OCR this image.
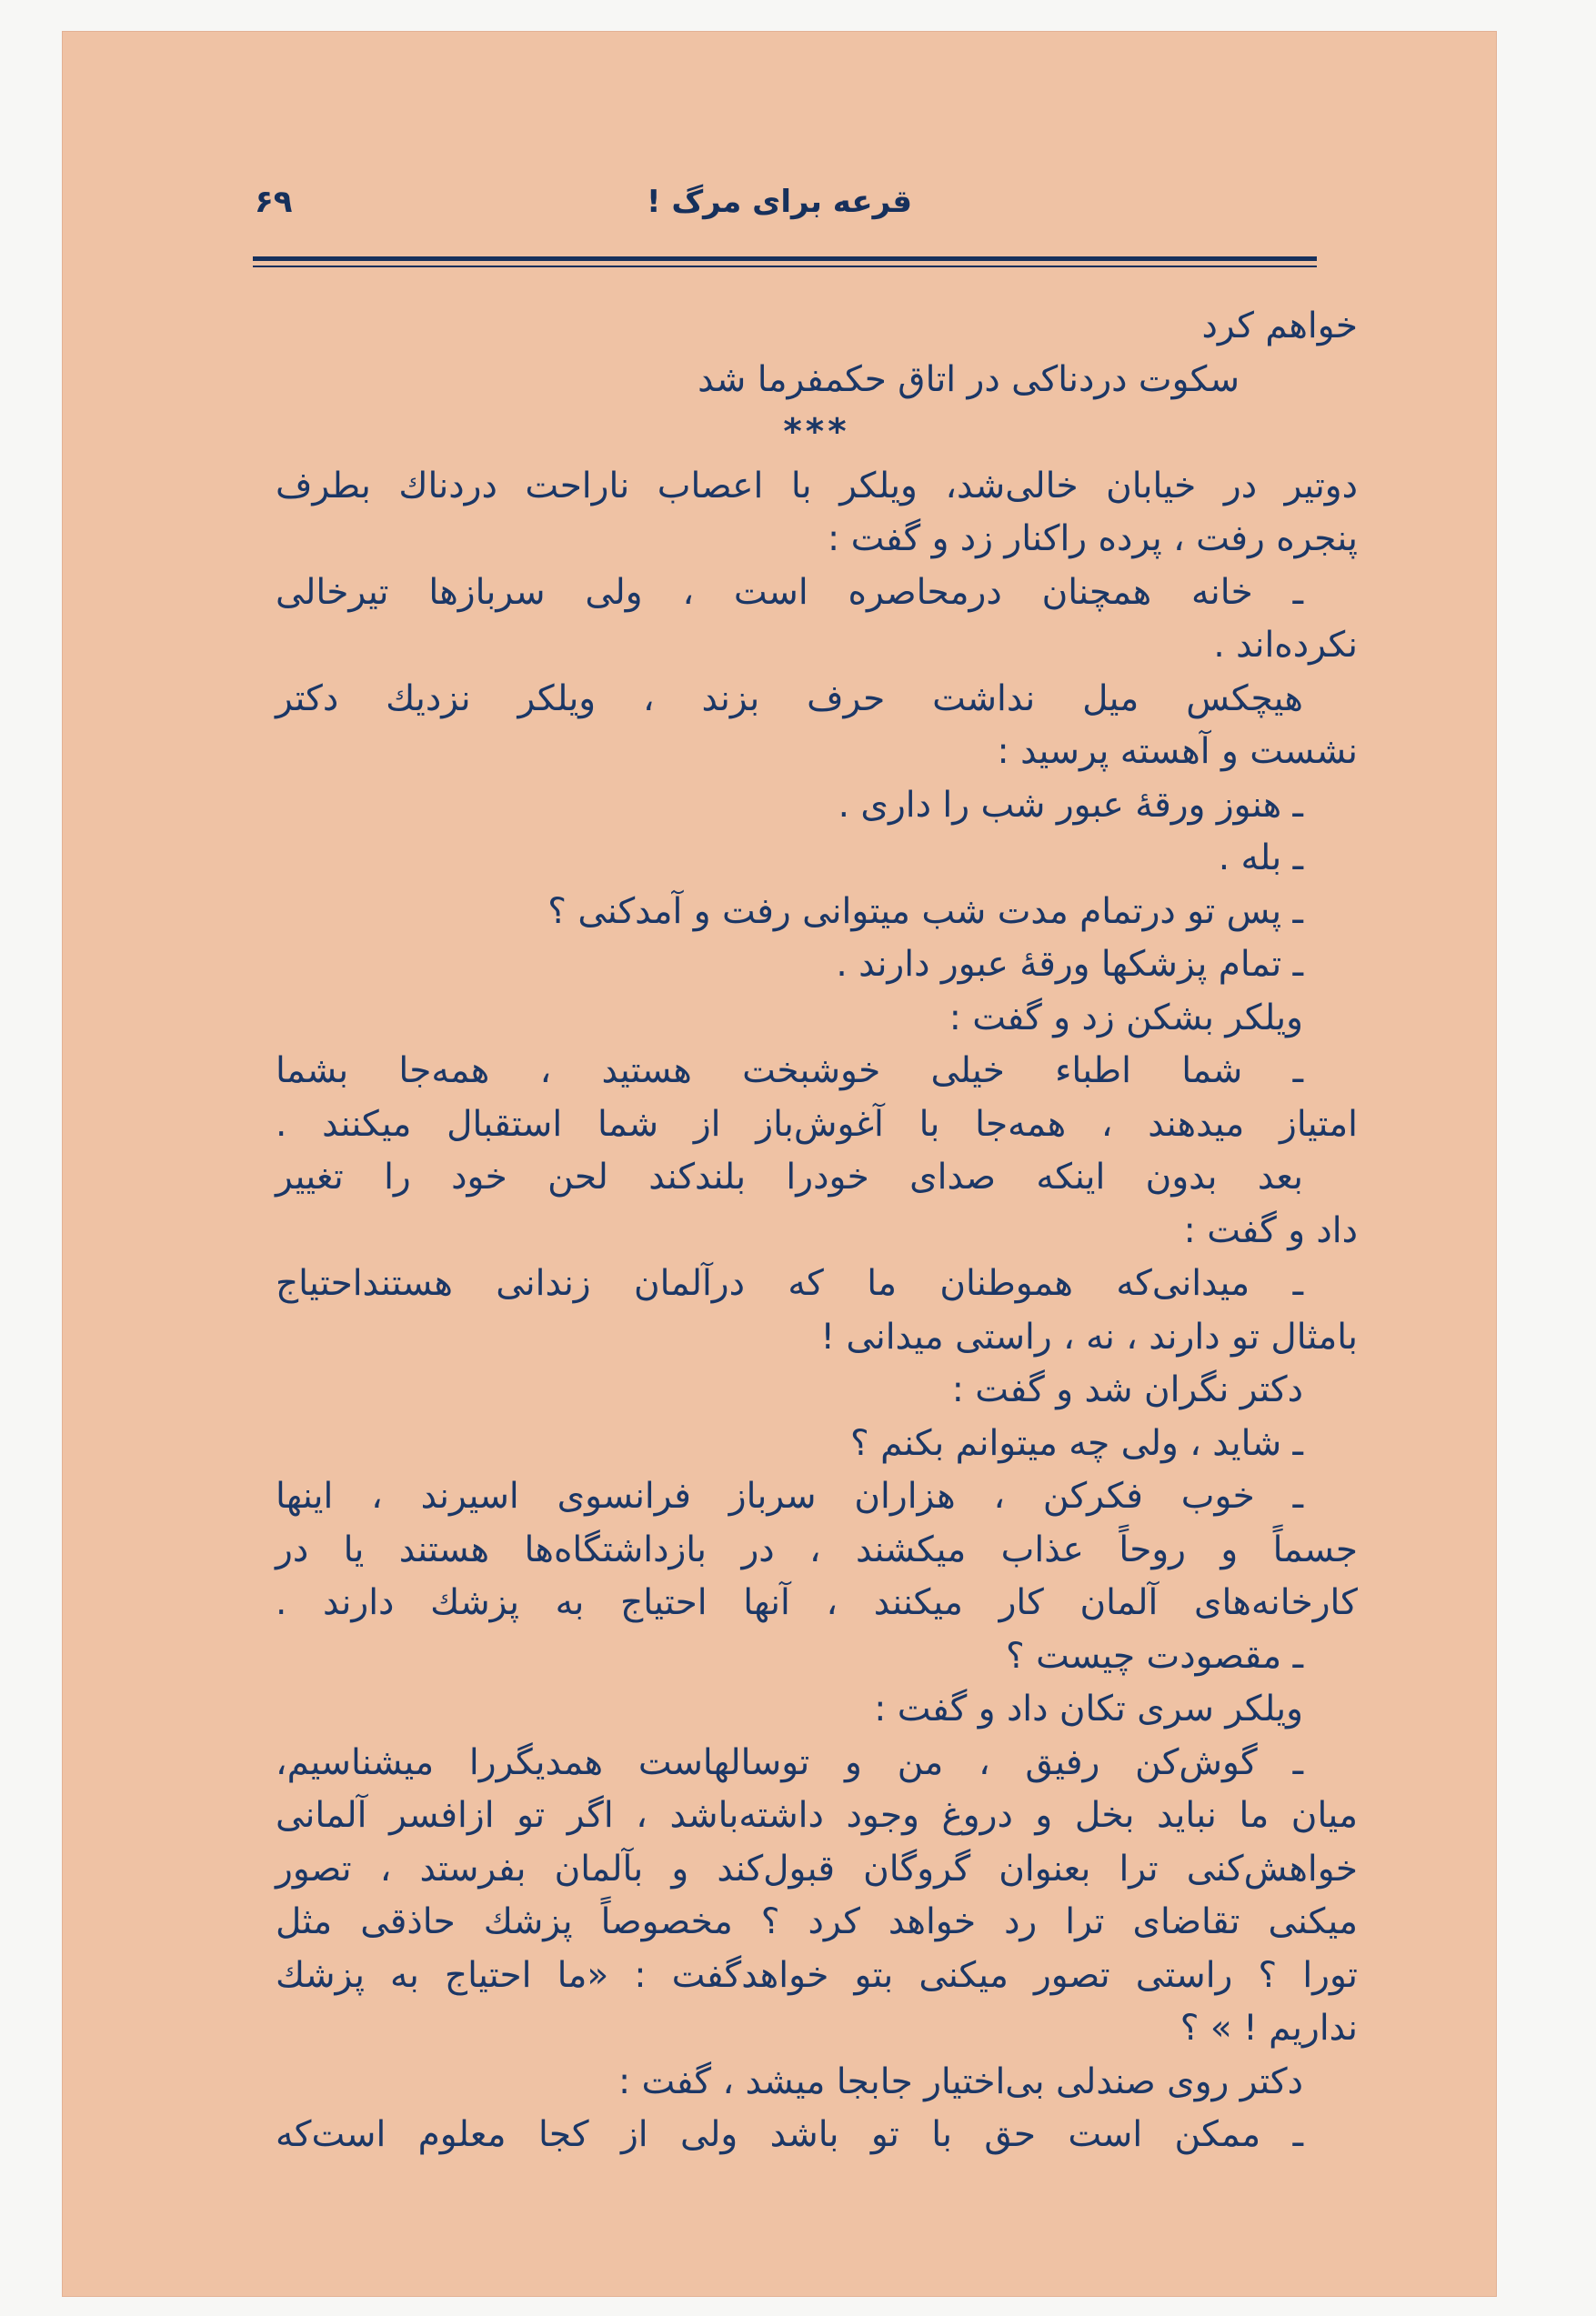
قرعه برای مرگ !
۶۹
خواهم کرد
سکوت دردناکی در اتاق حکمفرما شد
***
دوتیر در خیابان خالی‌شد، ویلکر با اعصاب ناراحت دردناك بطرف
پنجره رفت ، پرده راکنار زد و گفت :
ـ خانه همچنان درمحاصره است ، ولی سربازها تیرخالی
نکرده‌اند .
هیچکس میل نداشت حرف بزند ، ویلکر نزدیك دکتر
نشست و آهسته پرسید :
ـ هنوز ورقهٔ عبور شب را داری .
ـ بله .
ـ پس تو درتمام مدت شب میتوانی رفت و آمدکنی ؟
ـ تمام پزشکها ورقهٔ عبور دارند .
ویلکر بشکن زد و گفت :
ـ شما اطباء خیلی خوشبخت هستید ، همه‌جا بشما
امتیاز میدهند ، همه‌جا با آغوش‌باز از شما استقبال میکنند .
بعد بدون اینکه صدای خودرا بلندکند لحن خود را تغییر
داد و گفت :
ـ میدانی‌که هموطنان ما که درآلمان زندانی هستنداحتیاج
بامثال تو دارند ، نه ، راستی میدانی !
دکتر نگران شد و گفت :
ـ شاید ، ولی چه میتوانم بکنم ؟
ـ خوب فکرکن ، هزاران سرباز فرانسوی اسیرند ، اینها
جسماً و روحاً عذاب میکشند ، در بازداشتگاه‌ها هستند یا در
کارخانه‌های آلمان کار میکنند ، آنها احتیاج به پزشك دارند .
ـ مقصودت چیست ؟
ویلکر سری تکان داد و گفت :
ـ گوش‌کن رفیق ، من و توسالهاست همدیگررا میشناسیم،
میان ما نباید بخل و دروغ وجود داشته‌باشد ، اگر تو ازافسر آلمانی
خواهش‌کنی ترا بعنوان گروگان قبول‌کند و بآلمان بفرستد ، تصور
میکنی تقاضای ترا رد خواهد کرد ؟ مخصوصاً پزشك حاذقی مثل
تورا ؟ راستی تصور میکنی بتو خواهدگفت : «ما احتیاج به پزشك
نداریم ! » ؟
دکتر روی صندلی بی‌اختیار جابجا میشد ، گفت :
ـ ممکن است حق با تو باشد ولی از کجا معلوم است‌که
